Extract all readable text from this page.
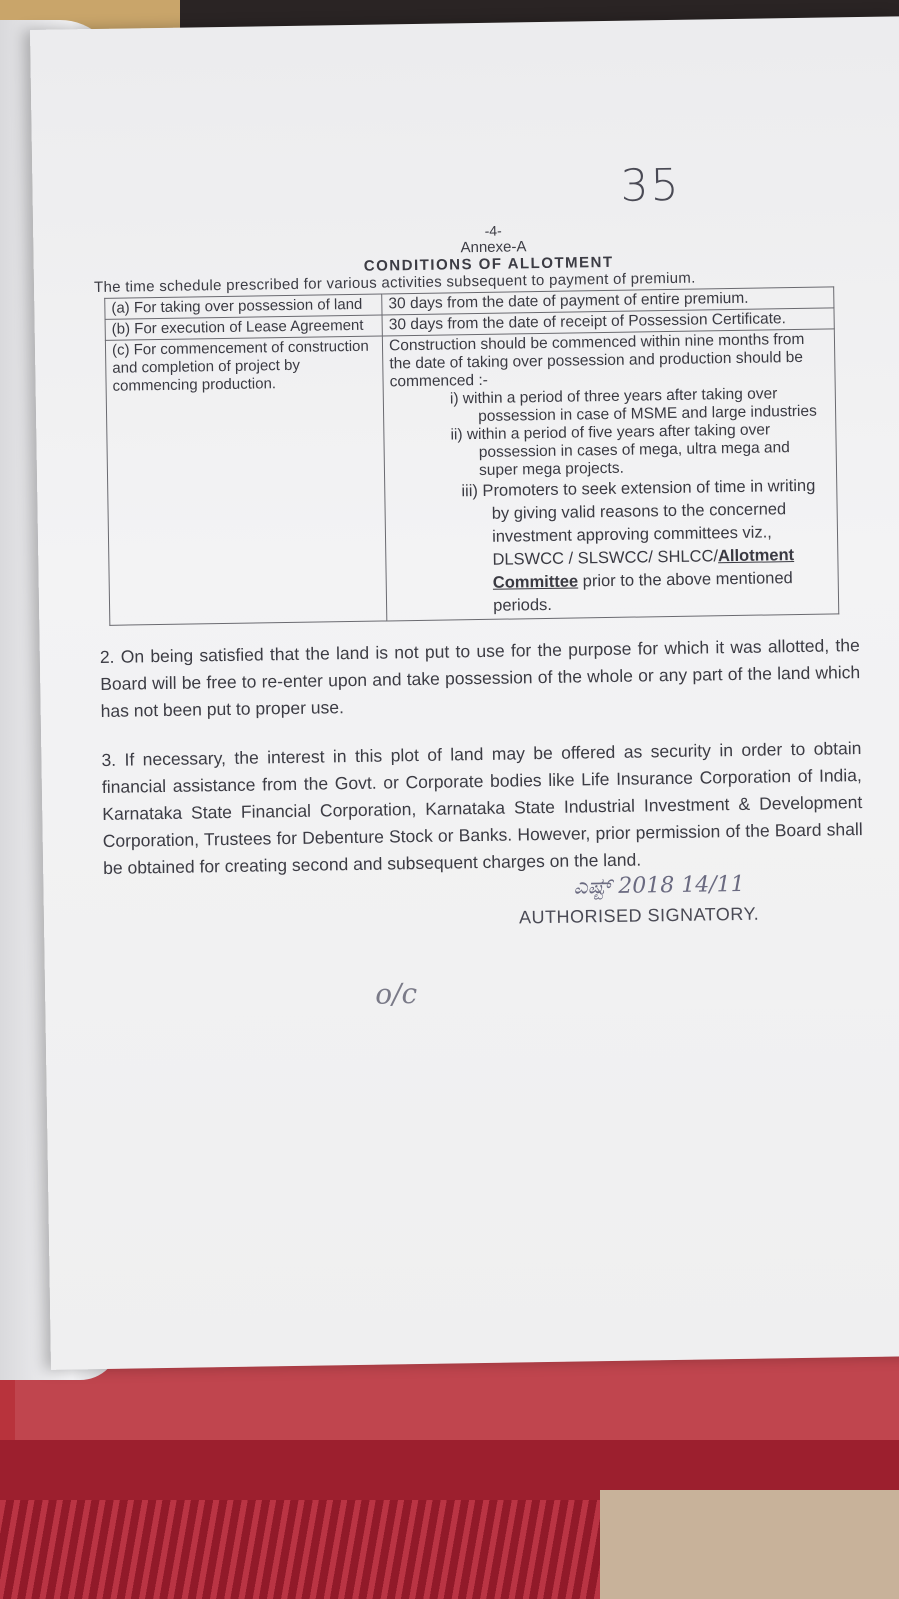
35
-4-
Annexe-A
CONDITIONS OF ALLOTMENT
The time schedule prescribed for various activities subsequent to payment of premium.
(a) For taking over possession of land	30 days from the date of payment of entire premium.
(b) For execution of Lease Agreement	30 days from the date of receipt of Possession Certificate.
(c) For commencement of construction and completion of project by commencing production.	Construction should be commenced within nine months from the date of taking over possession and production should be commenced :-
i) within a period of three years after taking over possession in case of MSME and large industries
ii) within a period of five years after taking over possession in cases of mega, ultra mega and super mega projects.
iii) Promoters to seek extension of time in writing by giving valid reasons to the concerned investment approving committees viz., DLSWCC / SLSWCC/ SHLCC/Allotment Committee prior to the above mentioned periods.

2. On being satisfied that the land is not put to use for the purpose for which it was allotted, the Board will be free to re-enter upon and take possession of the whole or any part of the land which has not been put to proper use.

3. If necessary, the interest in this plot of land may be offered as security in order to obtain financial assistance from the Govt. or Corporate bodies like Life Insurance Corporation of India, Karnataka State Financial Corporation, Karnataka State Industrial Investment & Development Corporation, Trustees for Debenture Stock or Banks. However, prior permission of the Board shall be obtained for creating second and subsequent charges on the land.

ಎಷ್ಟ್ 2018 14/11
AUTHORISED SIGNATORY.
o/c
